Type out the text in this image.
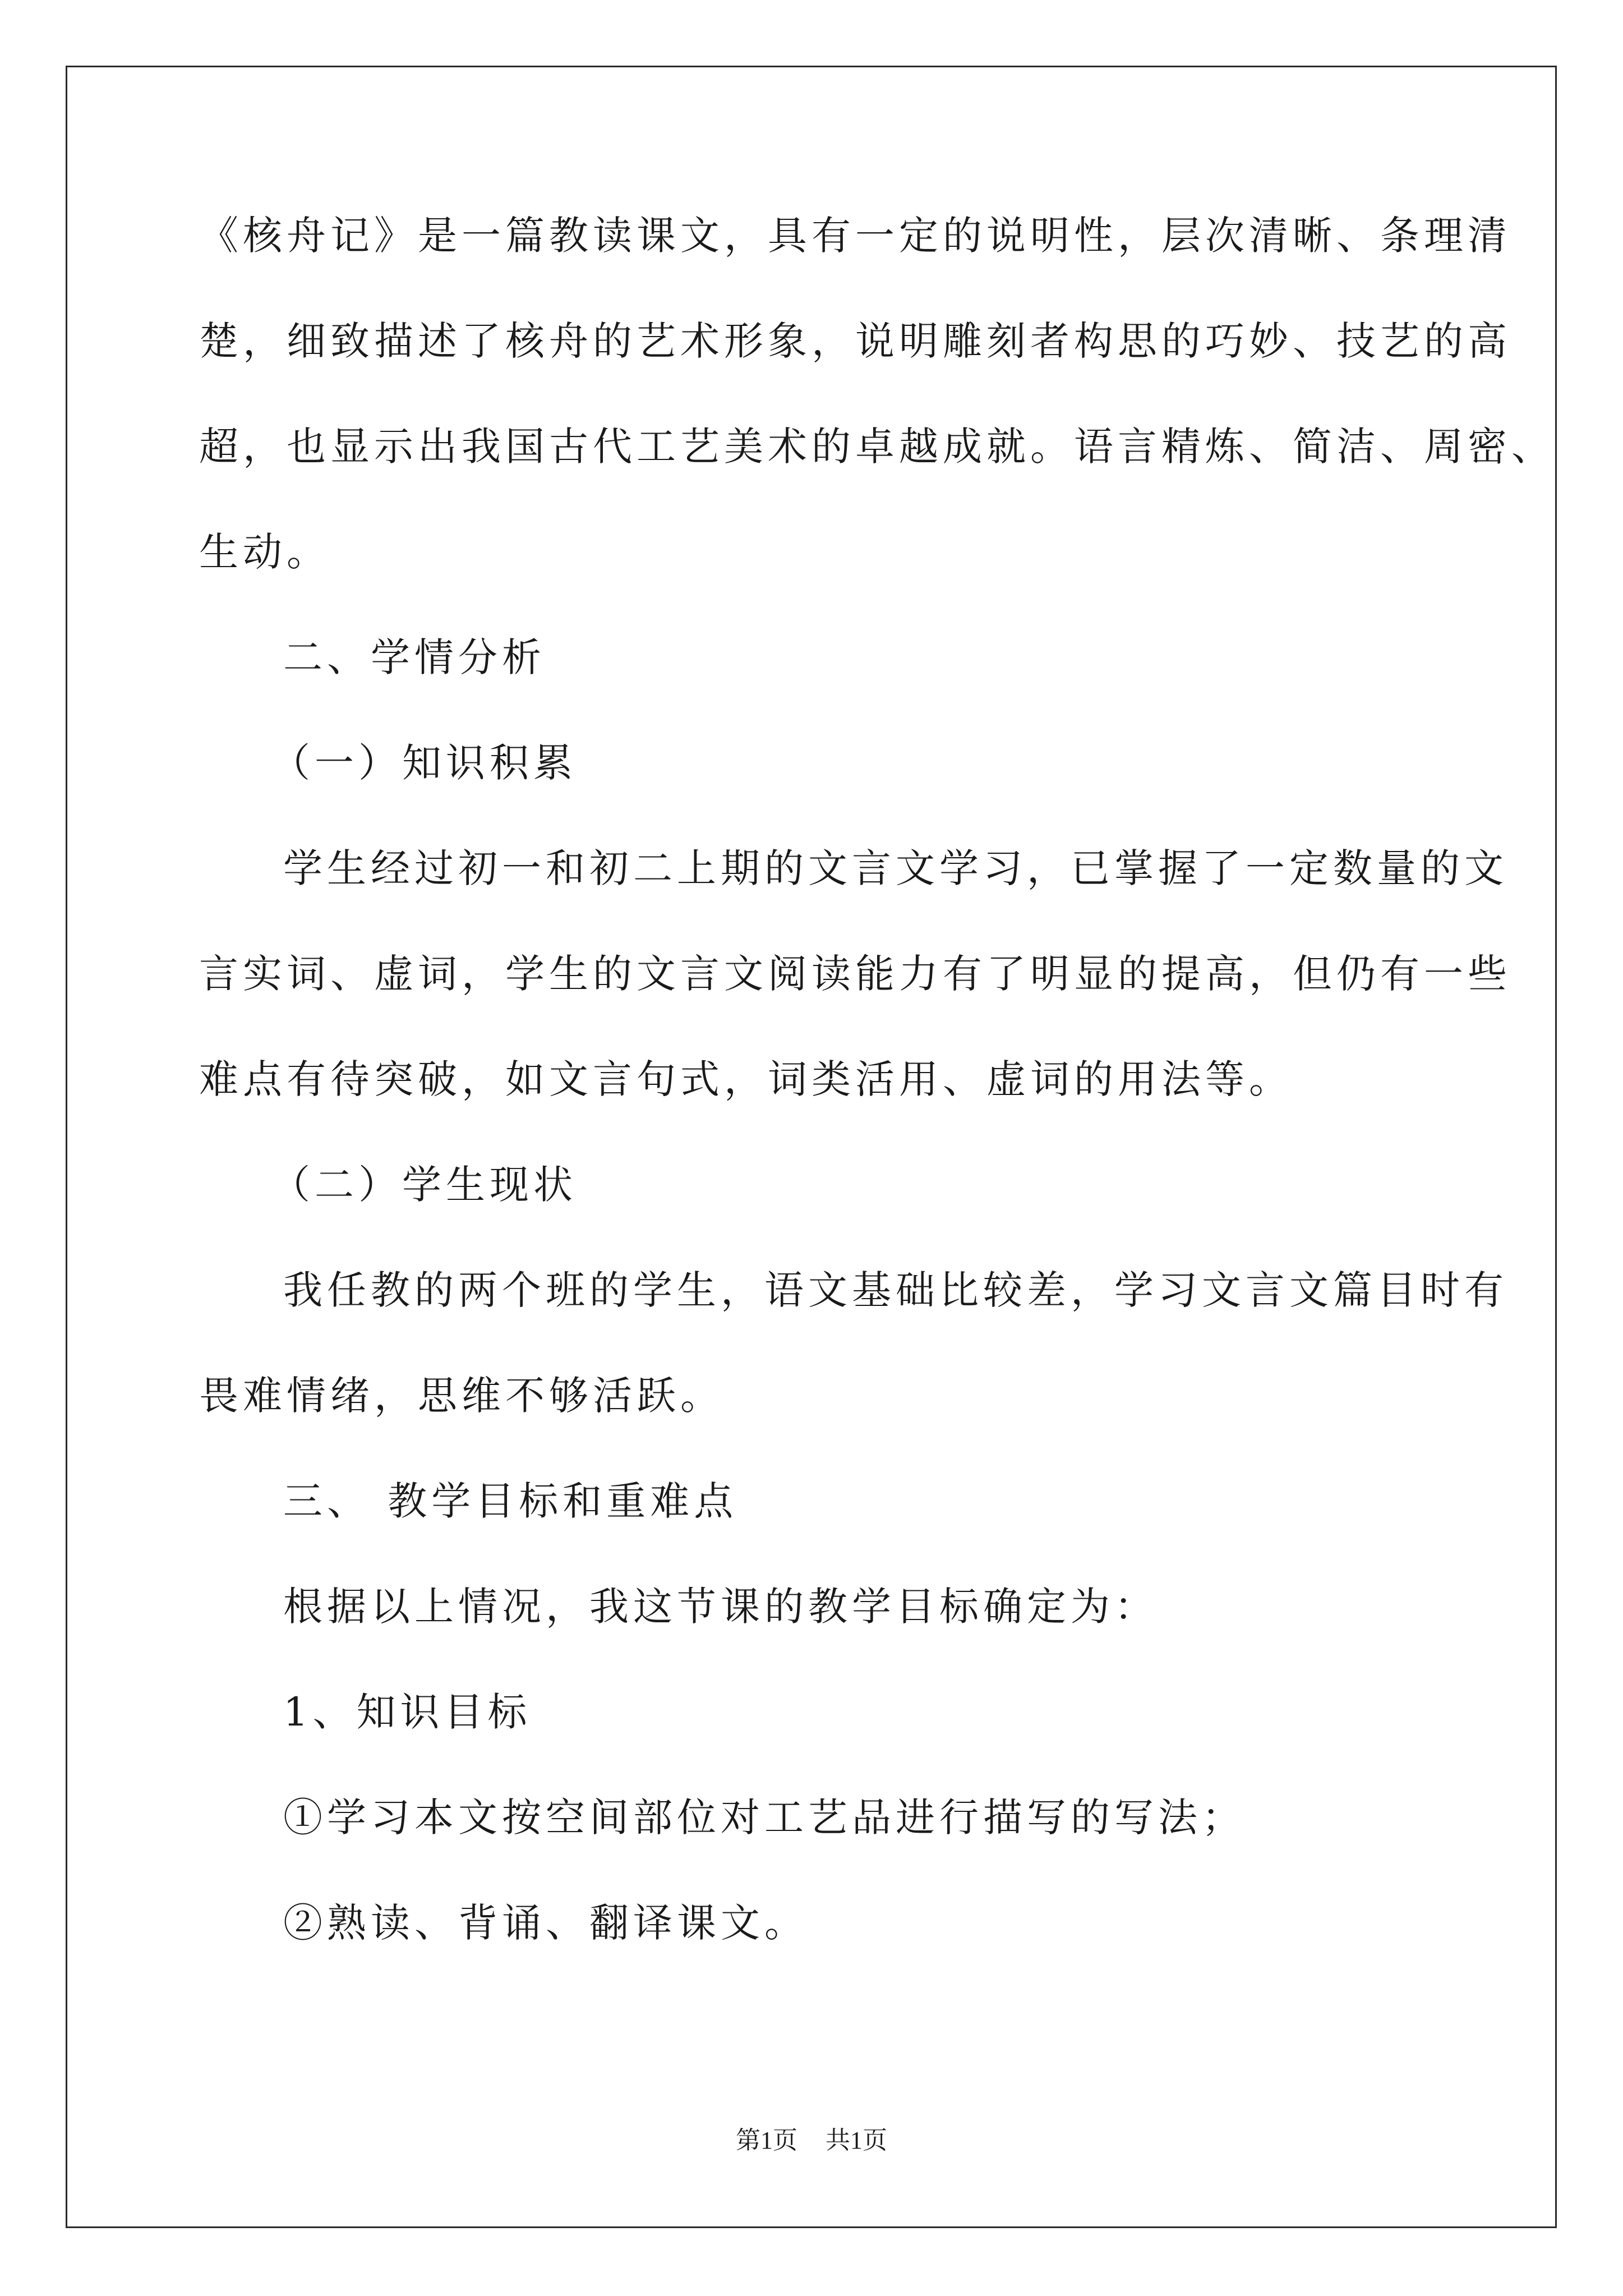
《核舟记》是一篇教读课文，具有一定的说明性，层次清晰、条理清
楚，细致描述了核舟的艺术形象，说明雕刻者构思的巧妙、技艺的高
超，也显示出我国古代工艺美术的卓越成就。语言精炼、简洁、周密、
生动。
二、学情分析
（一）知识积累
学生经过初一和初二上期的文言文学习，已掌握了一定数量的文
言实词、虚词，学生的文言文阅读能力有了明显的提高，但仍有一些
难点有待突破，如文言句式，词类活用、虚词的用法等。
（二）学生现状
我任教的两个班的学生，语文基础比较差，学习文言文篇目时有
畏难情绪，思维不够活跃。
三、 教学目标和重难点
根据以上情况，我这节课的教学目标确定为：
1、知识目标
①学习本文按空间部位对工艺品进行描写的写法；
②熟读、背诵、翻译课文。
第1页 共1页
